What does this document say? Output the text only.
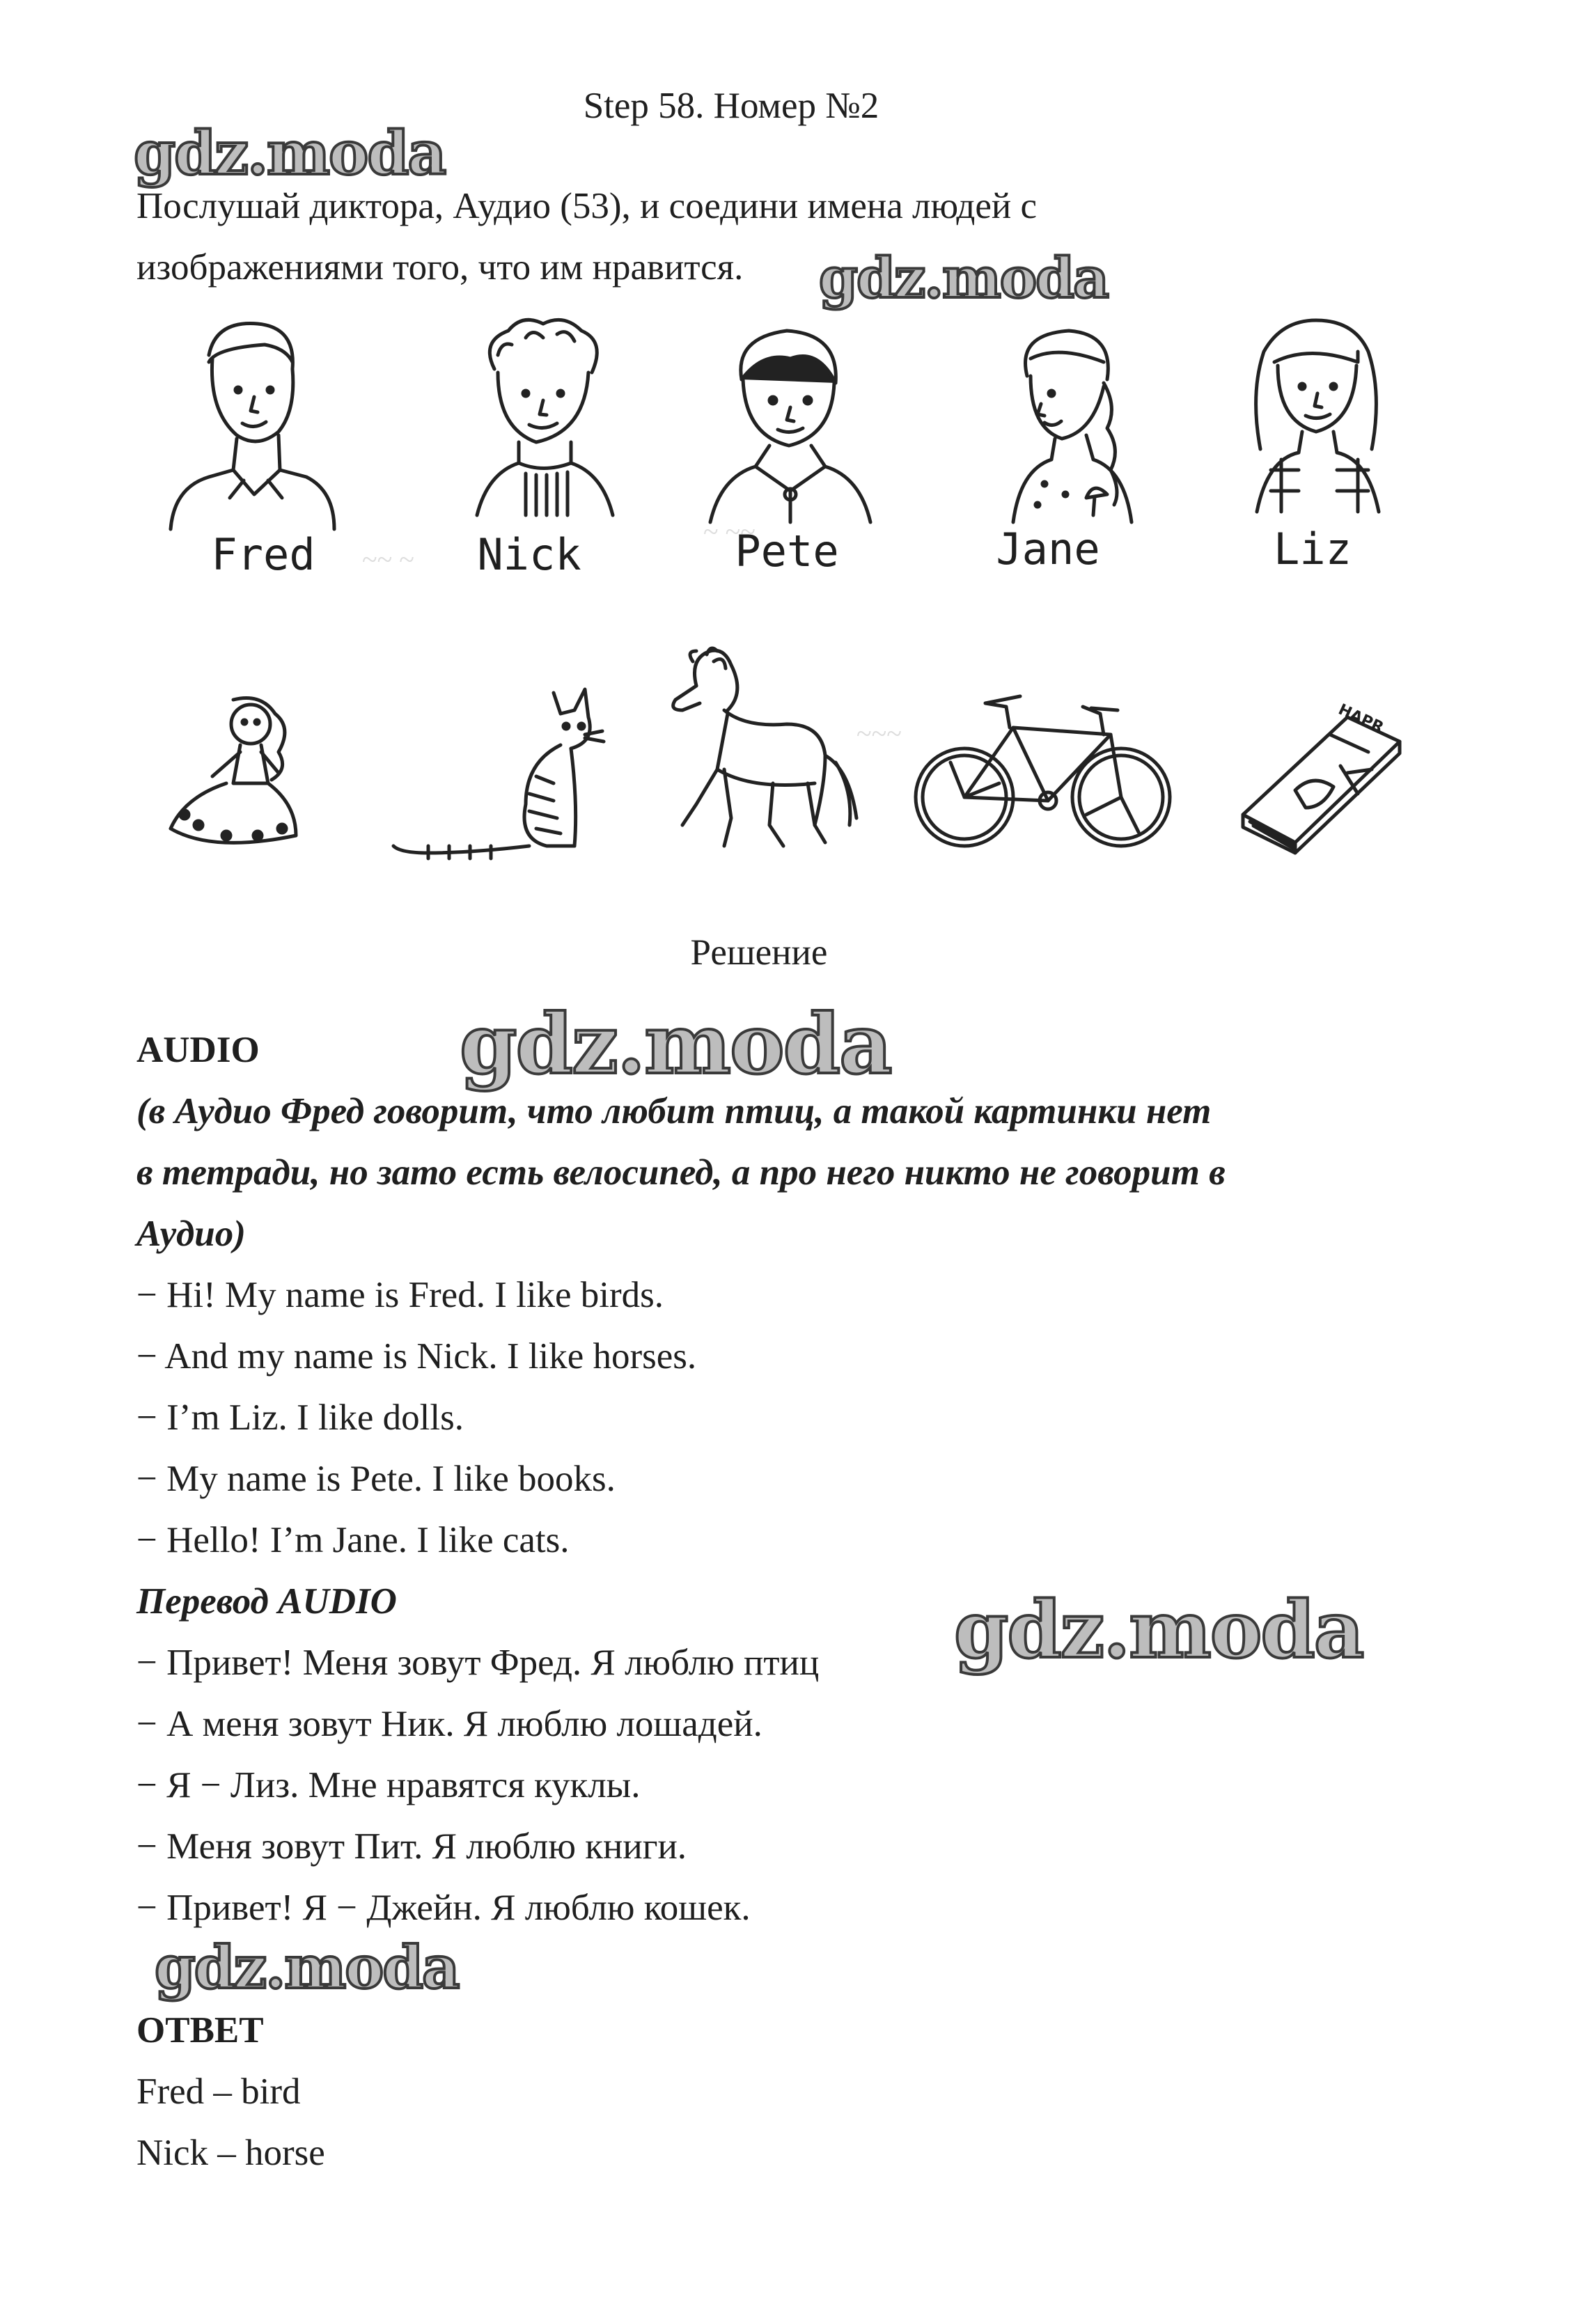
Step 58. Номер №2
gdz.moda
gdz.moda
gdz.moda
gdz.moda
gdz.moda
Послушай диктора, Аудио (53), и соедини имена людей с
изображениями того, что им нравится.
~~ ~
~ ~~
~~~
Fred	Nick	Pete	Jane	Liz
HAPR
Решение
AUDIO
(в Аудио Фред говорит, что любит птиц, а такой картинки нет
в тетради, но зато есть велосипед, а про него никто не говорит в
Аудио)
− Hi! My name is Fred. I like birds.
− And my name is Nick. I like horses.
− I’m Liz. I like dolls.
− My name is Pete. I like books.
− Hello! I’m Jane. I like cats.
Перевод AUDIO
− Привет! Меня зовут Фред. Я люблю птиц
− А меня зовут Ник. Я люблю лошадей.
− Я − Лиз. Мне нравятся куклы.
− Меня зовут Пит. Я люблю книги.
− Привет! Я − Джейн. Я люблю кошек.
ОТВЕТ
Fred – bird
Nick – horse
